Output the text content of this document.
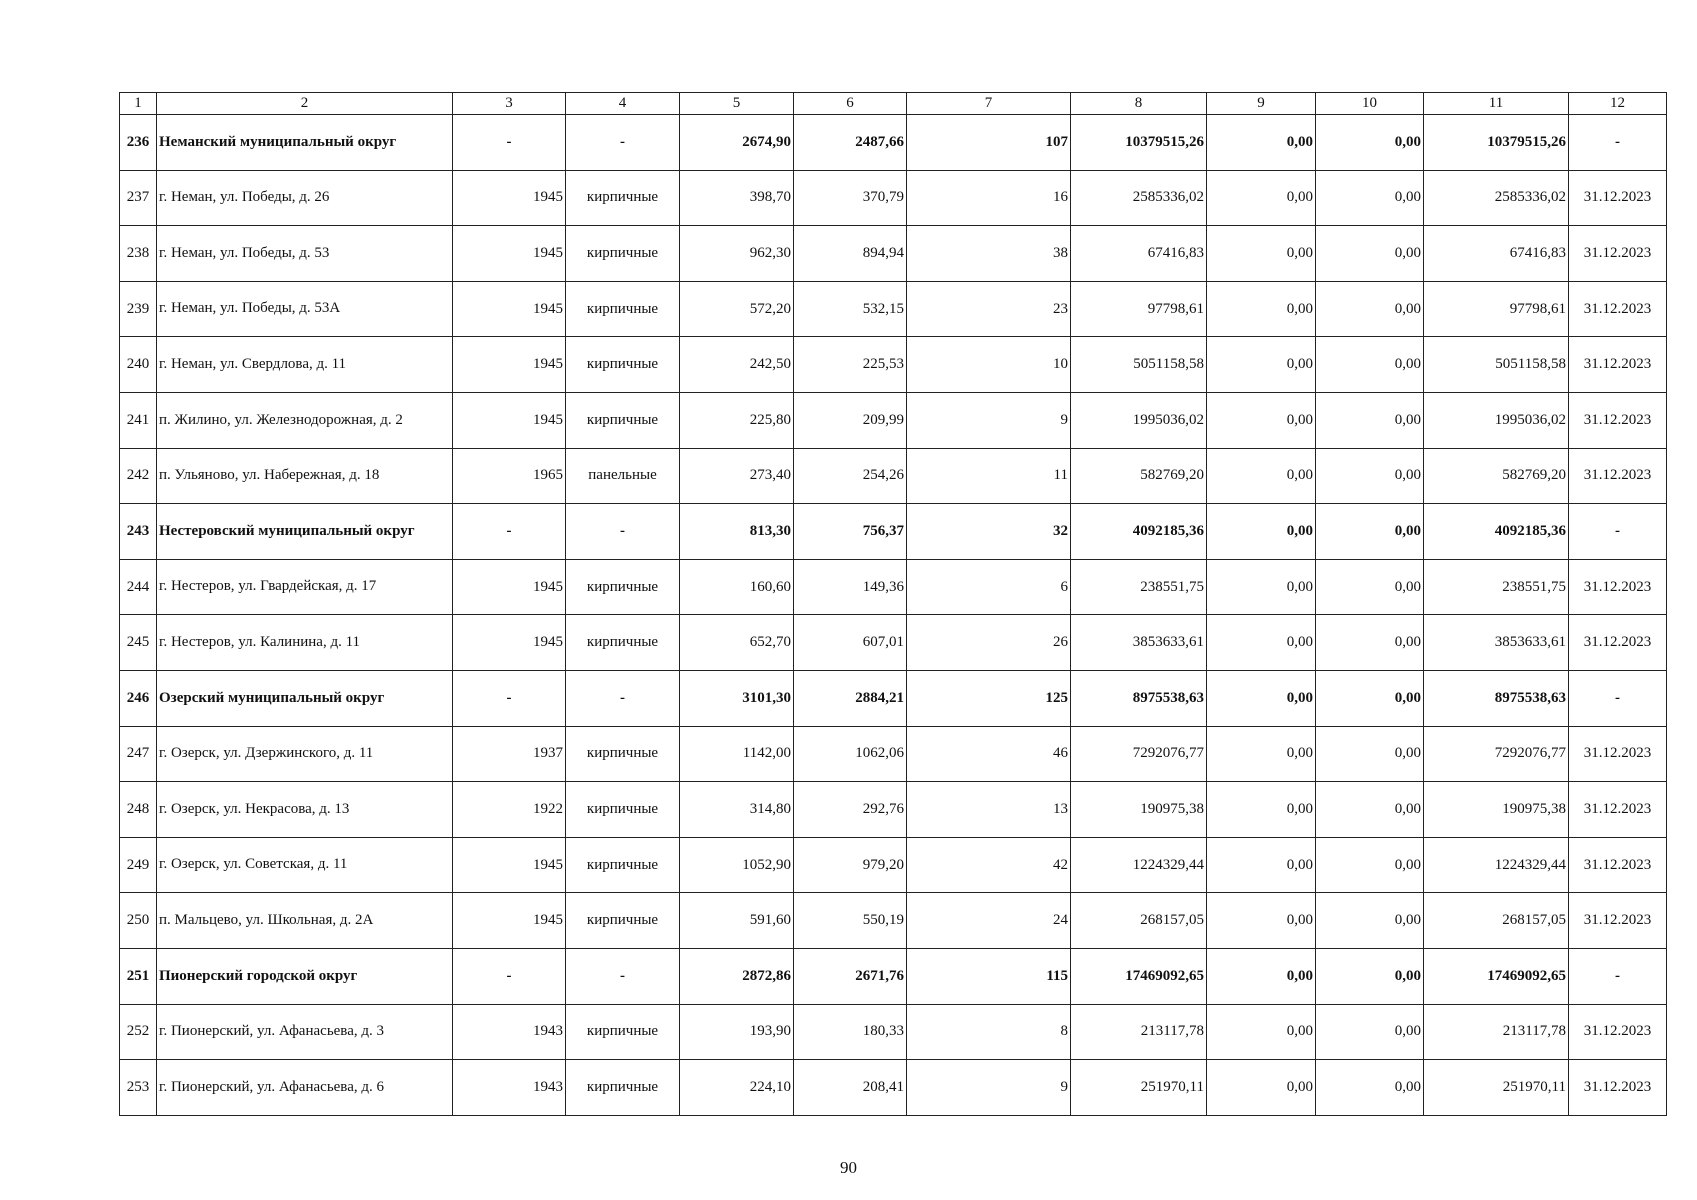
1	2	3	4	5	6	7	8	9	10	11	12
236	Неманский муниципальный округ	-	-	2674,90	2487,66	107	10379515,26	0,00	0,00	10379515,26	-
237	г. Неман, ул. Победы, д. 26	1945	кирпичные	398,70	370,79	16	2585336,02	0,00	0,00	2585336,02	31.12.2023
238	г. Неман, ул. Победы, д. 53	1945	кирпичные	962,30	894,94	38	67416,83	0,00	0,00	67416,83	31.12.2023
239	г. Неман, ул. Победы, д. 53А	1945	кирпичные	572,20	532,15	23	97798,61	0,00	0,00	97798,61	31.12.2023
240	г. Неман, ул. Свердлова, д. 11	1945	кирпичные	242,50	225,53	10	5051158,58	0,00	0,00	5051158,58	31.12.2023
241	п. Жилино, ул. Железнодорожная, д. 2	1945	кирпичные	225,80	209,99	9	1995036,02	0,00	0,00	1995036,02	31.12.2023
242	п. Ульяново, ул. Набережная, д. 18	1965	панельные	273,40	254,26	11	582769,20	0,00	0,00	582769,20	31.12.2023
243	Нестеровский муниципальный округ	-	-	813,30	756,37	32	4092185,36	0,00	0,00	4092185,36	-
244	г. Нестеров, ул. Гвардейская, д. 17	1945	кирпичные	160,60	149,36	6	238551,75	0,00	0,00	238551,75	31.12.2023
245	г. Нестеров, ул. Калинина, д. 11	1945	кирпичные	652,70	607,01	26	3853633,61	0,00	0,00	3853633,61	31.12.2023
246	Озерский муниципальный округ	-	-	3101,30	2884,21	125	8975538,63	0,00	0,00	8975538,63	-
247	г. Озерск, ул. Дзержинского, д. 11	1937	кирпичные	1142,00	1062,06	46	7292076,77	0,00	0,00	7292076,77	31.12.2023
248	г. Озерск, ул. Некрасова, д. 13	1922	кирпичные	314,80	292,76	13	190975,38	0,00	0,00	190975,38	31.12.2023
249	г. Озерск, ул. Советская, д. 11	1945	кирпичные	1052,90	979,20	42	1224329,44	0,00	0,00	1224329,44	31.12.2023
250	п. Мальцево, ул. Школьная, д. 2А	1945	кирпичные	591,60	550,19	24	268157,05	0,00	0,00	268157,05	31.12.2023
251	Пионерский городской округ	-	-	2872,86	2671,76	115	17469092,65	0,00	0,00	17469092,65	-
252	г. Пионерский, ул. Афанасьева, д. 3	1943	кирпичные	193,90	180,33	8	213117,78	0,00	0,00	213117,78	31.12.2023
253	г. Пионерский, ул. Афанасьева, д. 6	1943	кирпичные	224,10	208,41	9	251970,11	0,00	0,00	251970,11	31.12.2023
90
